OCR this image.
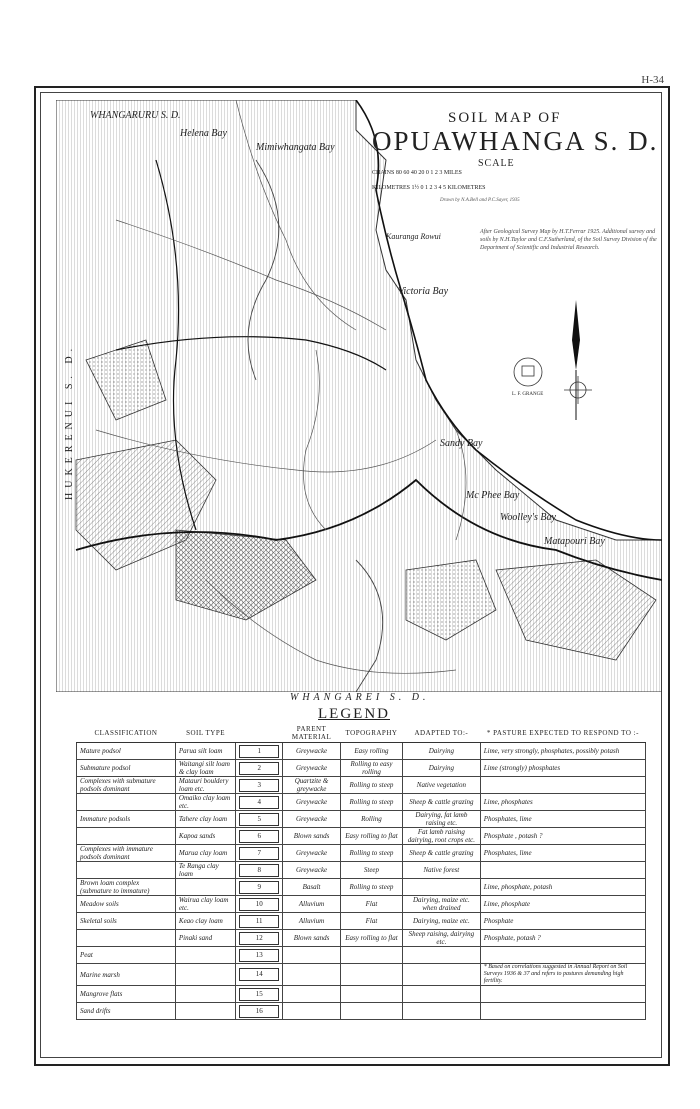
H-34
SOIL MAP OF
OPUAWHANGA S. D.
SCALE
CHAINS 80 60 40 20 0 1 2 3 MILES
KILOMETRES 1½ 0 1 2 3 4 5 KILOMETRES
Drawn by N.A.Bell and P.C.Sayer, 1935
After Geological Survey Map by H.T.Ferrar 1925. Additional survey and soils by N.H.Taylor and C.F.Sutherland, of the Soil Survey Division of the Department of Scientific and Industrial Research.
L. F. GRANGE
WHANGARURU S. D.
Helena Bay
Mimiwhangata Bay
Kauranga Rowui
Victoria Bay
Sandy Bay
Mc Phee Bay
Woolley's Bay
Matapouri Bay
HUKERENUI S. D.
WHANGAREI S. D.
LEGEND
CLASSIFICATION	SOIL TYPE		PARENT MATERIAL	TOPOGRAPHY	ADAPTED TO:-	* PASTURE EXPECTED TO RESPOND TO :-
Mature podsol	Parua silt loam	1	Greywacke	Easy rolling	Dairying	Lime, very strongly, phosphates, possibly potash
Submature podsol	Waitangi silt loam & clay loam	2	Greywacke	Rolling to easy rolling	Dairying	Lime (strongly) phosphates
Complexes with submature podsols dominant	Matauri bouldery loam etc.	3	Quartzite & greywacke	Rolling to steep	Native vegetation	
	Omaiko clay loam etc.	4	Greywacke	Rolling to steep	Sheep & cattle grazing	Lime, phosphates
Immature podsols	Tahere clay loam	5	Greywacke	Rolling	Dairying, fat lamb raising etc.	Phosphates, lime
	Kapoa sands	6	Blown sands	Easy rolling to flat	Fat lamb raising dairying, root crops etc.	Phosphate , potash ?
Complexes with immature podsols dominant	Marua clay loam	7	Greywacke	Rolling to steep	Sheep & cattle grazing	Phosphates, lime
	Te Ranga clay loam	8	Greywacke	Steep	Native forest	
Brown loam complex (submature to immature)		9	Basalt	Rolling to steep		Lime, phosphate, potash
Meadow soils	Wairua clay loam etc.	10	Alluvium	Flat	Dairying, maize etc. when drained	Lime, phosphate
Skeletal soils	Keao clay loam	11	Alluvium	Flat	Dairying, maize etc.	Phosphate
	Pinaki sand	12	Blown sands	Easy rolling to flat	Sheep raising, dairying etc.	Phosphate, potash ?
Peat		13				
Marine marsh		14				* Based on correlations suggested in Annual Report on Soil Surveys 1936 & 37 and refers to pastures demanding high fertility.
Mangrove flats		15				
Sand drifts		16				
